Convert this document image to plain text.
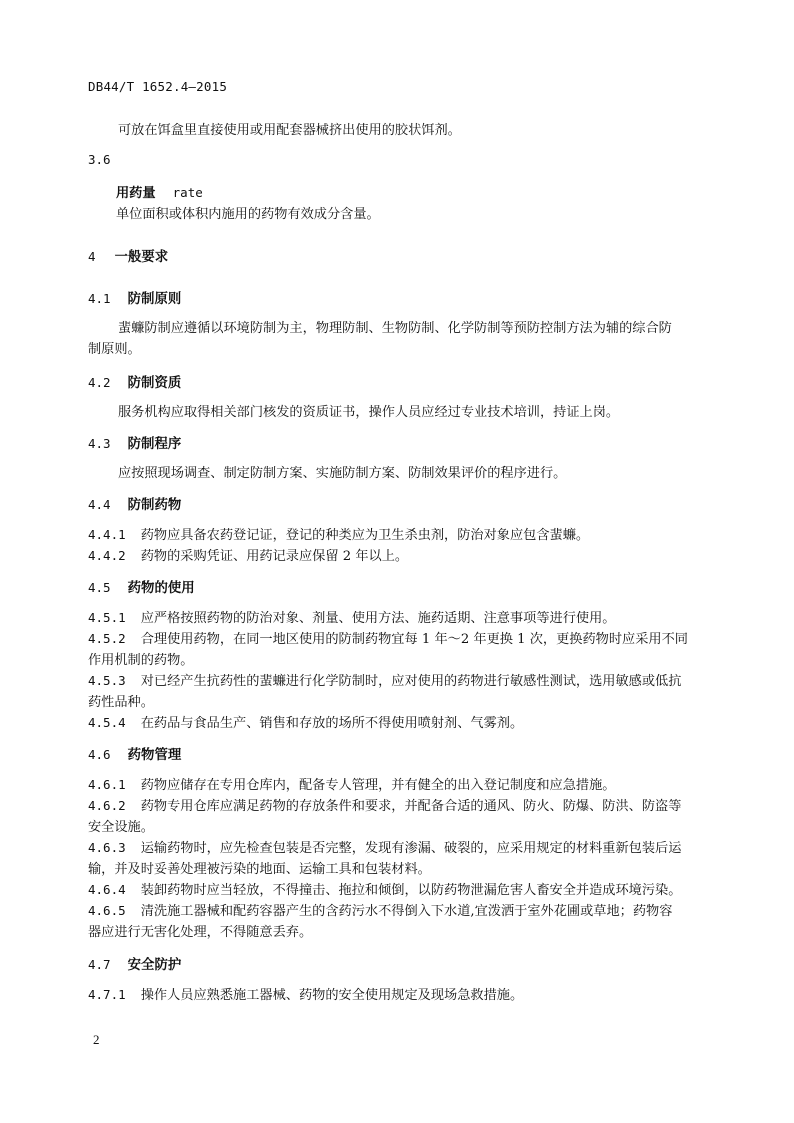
DB44/T 1652.4—2015
可放在饵盒里直接使用或用配套器械挤出使用的胶状饵剂。
3.6
用药量 rate
单位面积或体积内施用的药物有效成分含量。
4 一般要求
4.1 防制原则
蜚蠊防制应遵循以环境防制为主，物理防制、生物防制、化学防制等预防控制方法为辅的综合防
制原则。
4.2 防制资质
服务机构应取得相关部门核发的资质证书，操作人员应经过专业技术培训，持证上岗。
4.3 防制程序
应按照现场调查、制定防制方案、实施防制方案、防制效果评价的程序进行。
4.4 防制药物
4.4.1 药物应具备农药登记证，登记的种类应为卫生杀虫剂，防治对象应包含蜚蠊。
4.4.2 药物的采购凭证、用药记录应保留 2 年以上。
4.5 药物的使用
4.5.1 应严格按照药物的防治对象、剂量、使用方法、施药适期、注意事项等进行使用。
4.5.2 合理使用药物，在同一地区使用的防制药物宜每 1 年～2 年更换 1 次，更换药物时应采用不同
作用机制的药物。
4.5.3 对已经产生抗药性的蜚蠊进行化学防制时，应对使用的药物进行敏感性测试，选用敏感或低抗
药性品种。
4.5.4 在药品与食品生产、销售和存放的场所不得使用喷射剂、气雾剂。
4.6 药物管理
4.6.1 药物应储存在专用仓库内，配备专人管理，并有健全的出入登记制度和应急措施。
4.6.2 药物专用仓库应满足药物的存放条件和要求，并配备合适的通风、防火、防爆、防洪、防盗等
安全设施。
4.6.3 运输药物时，应先检查包装是否完整，发现有渗漏、破裂的，应采用规定的材料重新包装后运
输，并及时妥善处理被污染的地面、运输工具和包装材料。
4.6.4 装卸药物时应当轻放，不得撞击、拖拉和倾倒，以防药物泄漏危害人畜安全并造成环境污染。
4.6.5 清洗施工器械和配药容器产生的含药污水不得倒入下水道,宜泼洒于室外花圃或草地；药物容
器应进行无害化处理，不得随意丢弃。
4.7 安全防护
4.7.1 操作人员应熟悉施工器械、药物的安全使用规定及现场急救措施。
2
